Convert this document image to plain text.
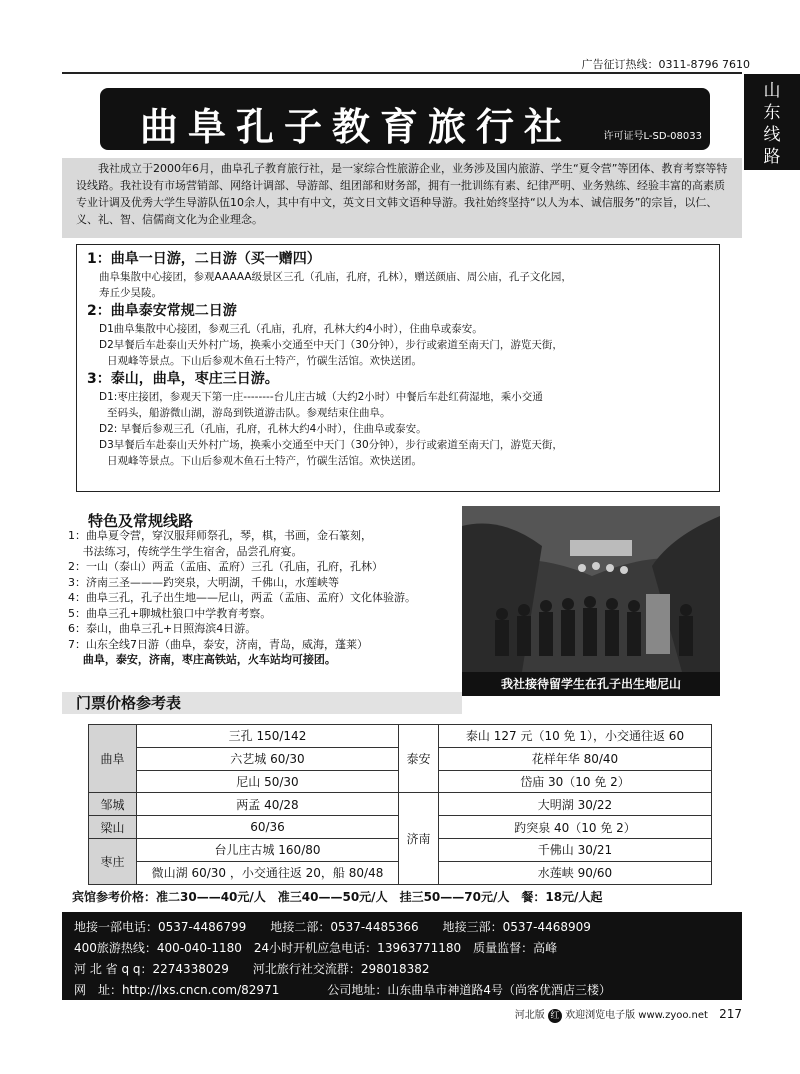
广告征订热线：0311-8796 7610
山
东
线
路
曲阜孔子教育旅行社	许可证号L-SD-08033
我社成立于2000年6月，曲阜孔子教育旅行社，是一家综合性旅游企业，业务涉及国内旅游、学生“夏令营”等团体、教育考察等特设线路。我社设有市场营销部、网络计调部、导游部、组团部和财务部，拥有一批训练有素、纪律严明、业务熟练、经验丰富的高素质专业计调及优秀大学生导游队伍10余人，其中有中文，英文日文韩文语种导游。我社始终坚持“以人为本、诚信服务”的宗旨，以仁、义、礼、智、信儒商文化为企业理念。
1：曲阜一日游，二日游（买一赠四）
曲阜集散中心接团，参观AAAAA级景区三孔（孔庙，孔府，孔林），赠送颜庙、周公庙，孔子文化园，
寿丘少昊陵。
2：曲阜泰安常规二日游
D1曲阜集散中心接团，参观三孔（孔庙，孔府，孔林大约4小时），住曲阜或泰安。
D2早餐后车赴泰山天外村广场，换乘小交通至中天门（30分钟），步行或索道至南天门，游览天街，
日观峰等景点。下山后参观木鱼石土特产，竹碳生活馆。欢快送团。
3：泰山，曲阜，枣庄三日游。
D1:枣庄接团，参观天下第一庄--------台儿庄古城（大约2小时）中餐后车赴红荷湿地，乘小交通
至码头，船游微山湖，游岛到铁道游击队。参观结束住曲阜。
D2: 早餐后参观三孔（孔庙，孔府，孔林大约4小时），住曲阜或泰安。
D3早餐后车赴泰山天外村广场，换乘小交通至中天门（30分钟），步行或索道至南天门，游览天街，
日观峰等景点。下山后参观木鱼石土特产，竹碳生活馆。欢快送团。
特色及常规线路
1：曲阜夏令营，穿汉服拜师祭孔，琴，棋，书画，金石篆刻，
　 书法练习，传统学生学生宿舍，品尝孔府宴。
2：一山（泰山）两孟（孟庙、孟府）三孔（孔庙，孔府，孔林）
3：济南三圣———趵突泉，大明湖，千佛山，水莲峡等
4：曲阜三孔，孔子出生地——尼山，两孟（孟庙、孟府）文化体验游。
5：曲阜三孔+聊城杜狼口中学教育考察。
6：泰山，曲阜三孔+日照海滨4日游。
7：山东全线7日游（曲阜，泰安，济南，青岛，威海，蓬莱）
　 曲阜，泰安，济南，枣庄高铁站，火车站均可接团。
我社接待留学生在孔子出生地尼山
门票价格参考表
曲阜	三孔 150/142	泰安	泰山 127 元（10 免 1），小交通往返 60
	六艺城 60/30		花样年华 80/40
	尼山 50/30		岱庙 30（10 免 2）
邹城	两孟 40/28	济南	大明湖 30/22
梁山	60/36		趵突泉 40（10 免 2）
枣庄	台儿庄古城 160/80		千佛山 30/21
	微山湖 60/30 ，小交通往返 20，船 80/48		水莲峡 90/60
宾馆参考价格：准二30——40元/人　准三40——50元/人　挂三50——70元/人　餐：18元/人起
地接一部电话：0537-4486799　　地接二部：0537-4485366　　地接三部：0537-4468909
400旅游热线：400-040-1180　24小时开机应急电话：13963771180　质量监督：高峰
河 北 省 q q：2274338029　　河北旅行社交流群：298018382
网　址：http://lxs.cncn.com/82971　　　　公司地址：山东曲阜市神道路4号（尚客优酒店三楼）
河北版 红 欢迎浏览电子版 www.zyoo.net 217
